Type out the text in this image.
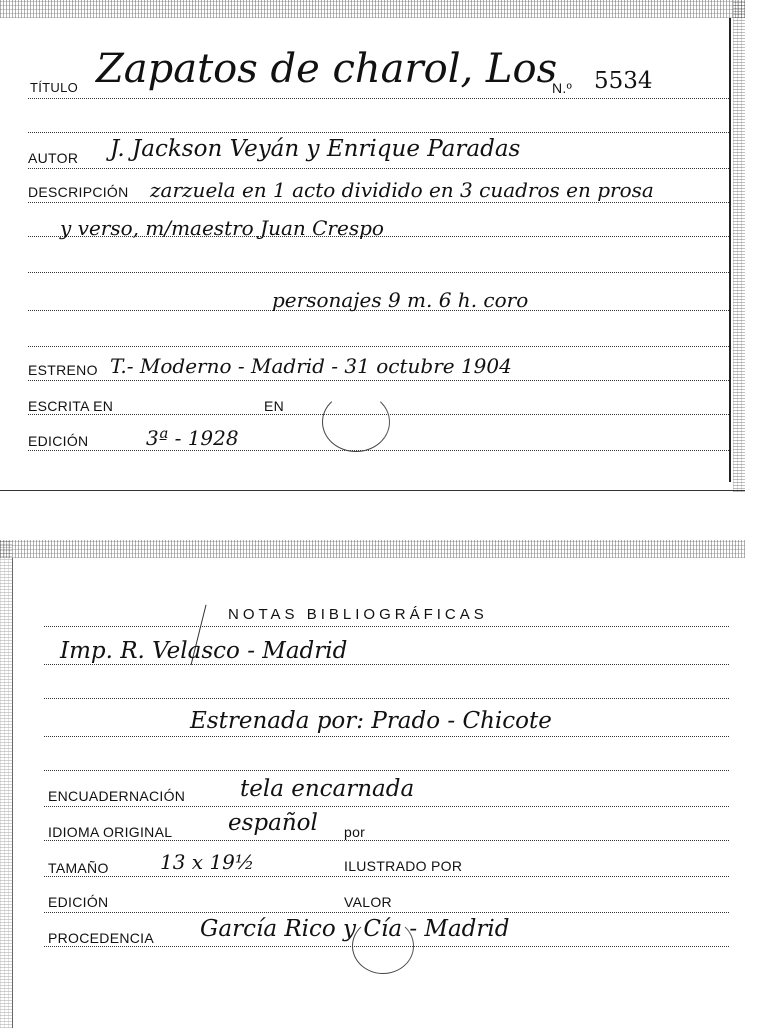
TÍTULO Zapatos de charol, Los
N.º 5534
AUTOR J. Jackson Veyán y Enrique Paradas
DESCRIPCIÓN zarzuela en 1 acto dividido en 3 cuadros en prosa
y verso, m/maestro Juan Crespo
personajes 9 m. 6 h. coro
ESTRENO T.- Moderno - Madrid - 31 octubre 1904
ESCRITA EN	EN
EDICIÓN	3ª - 1928
NOTAS BIBLIOGRÁFICAS
Imp. R. Velasco - Madrid
Estrenada por: Prado - Chicote
ENCUADERNACIÓN tela encarnada
IDIOMA ORIGINAL español por
TAMAÑO	13 x 19½	ILUSTRADO POR
EDICIÓN	VALOR
PROCEDENCIA García Rico y Cía - Madrid
